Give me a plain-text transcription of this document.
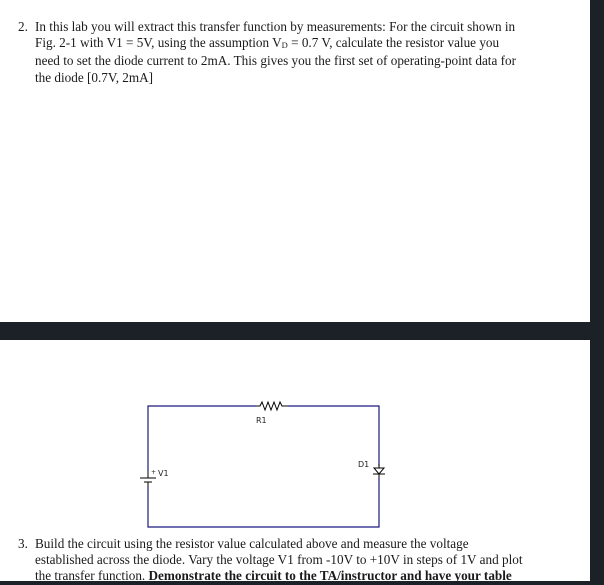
2. In this lab you will extract this transfer function by measurements: For the circuit shown in
Fig. 2-1 with V1 = 5V, using the assumption VD = 0.7 V, calculate the resistor value you
need to set the diode current to 2mA. This gives you the first set of operating-point data for
the diode [0.7V, 2mA]
R1
D1
+ V1
3. Build the circuit using the resistor value calculated above and measure the voltage
established across the diode. Vary the voltage V1 from -10V to +10V in steps of 1V and plot
the transfer function. Demonstrate the circuit to the TA/instructor and have your table
